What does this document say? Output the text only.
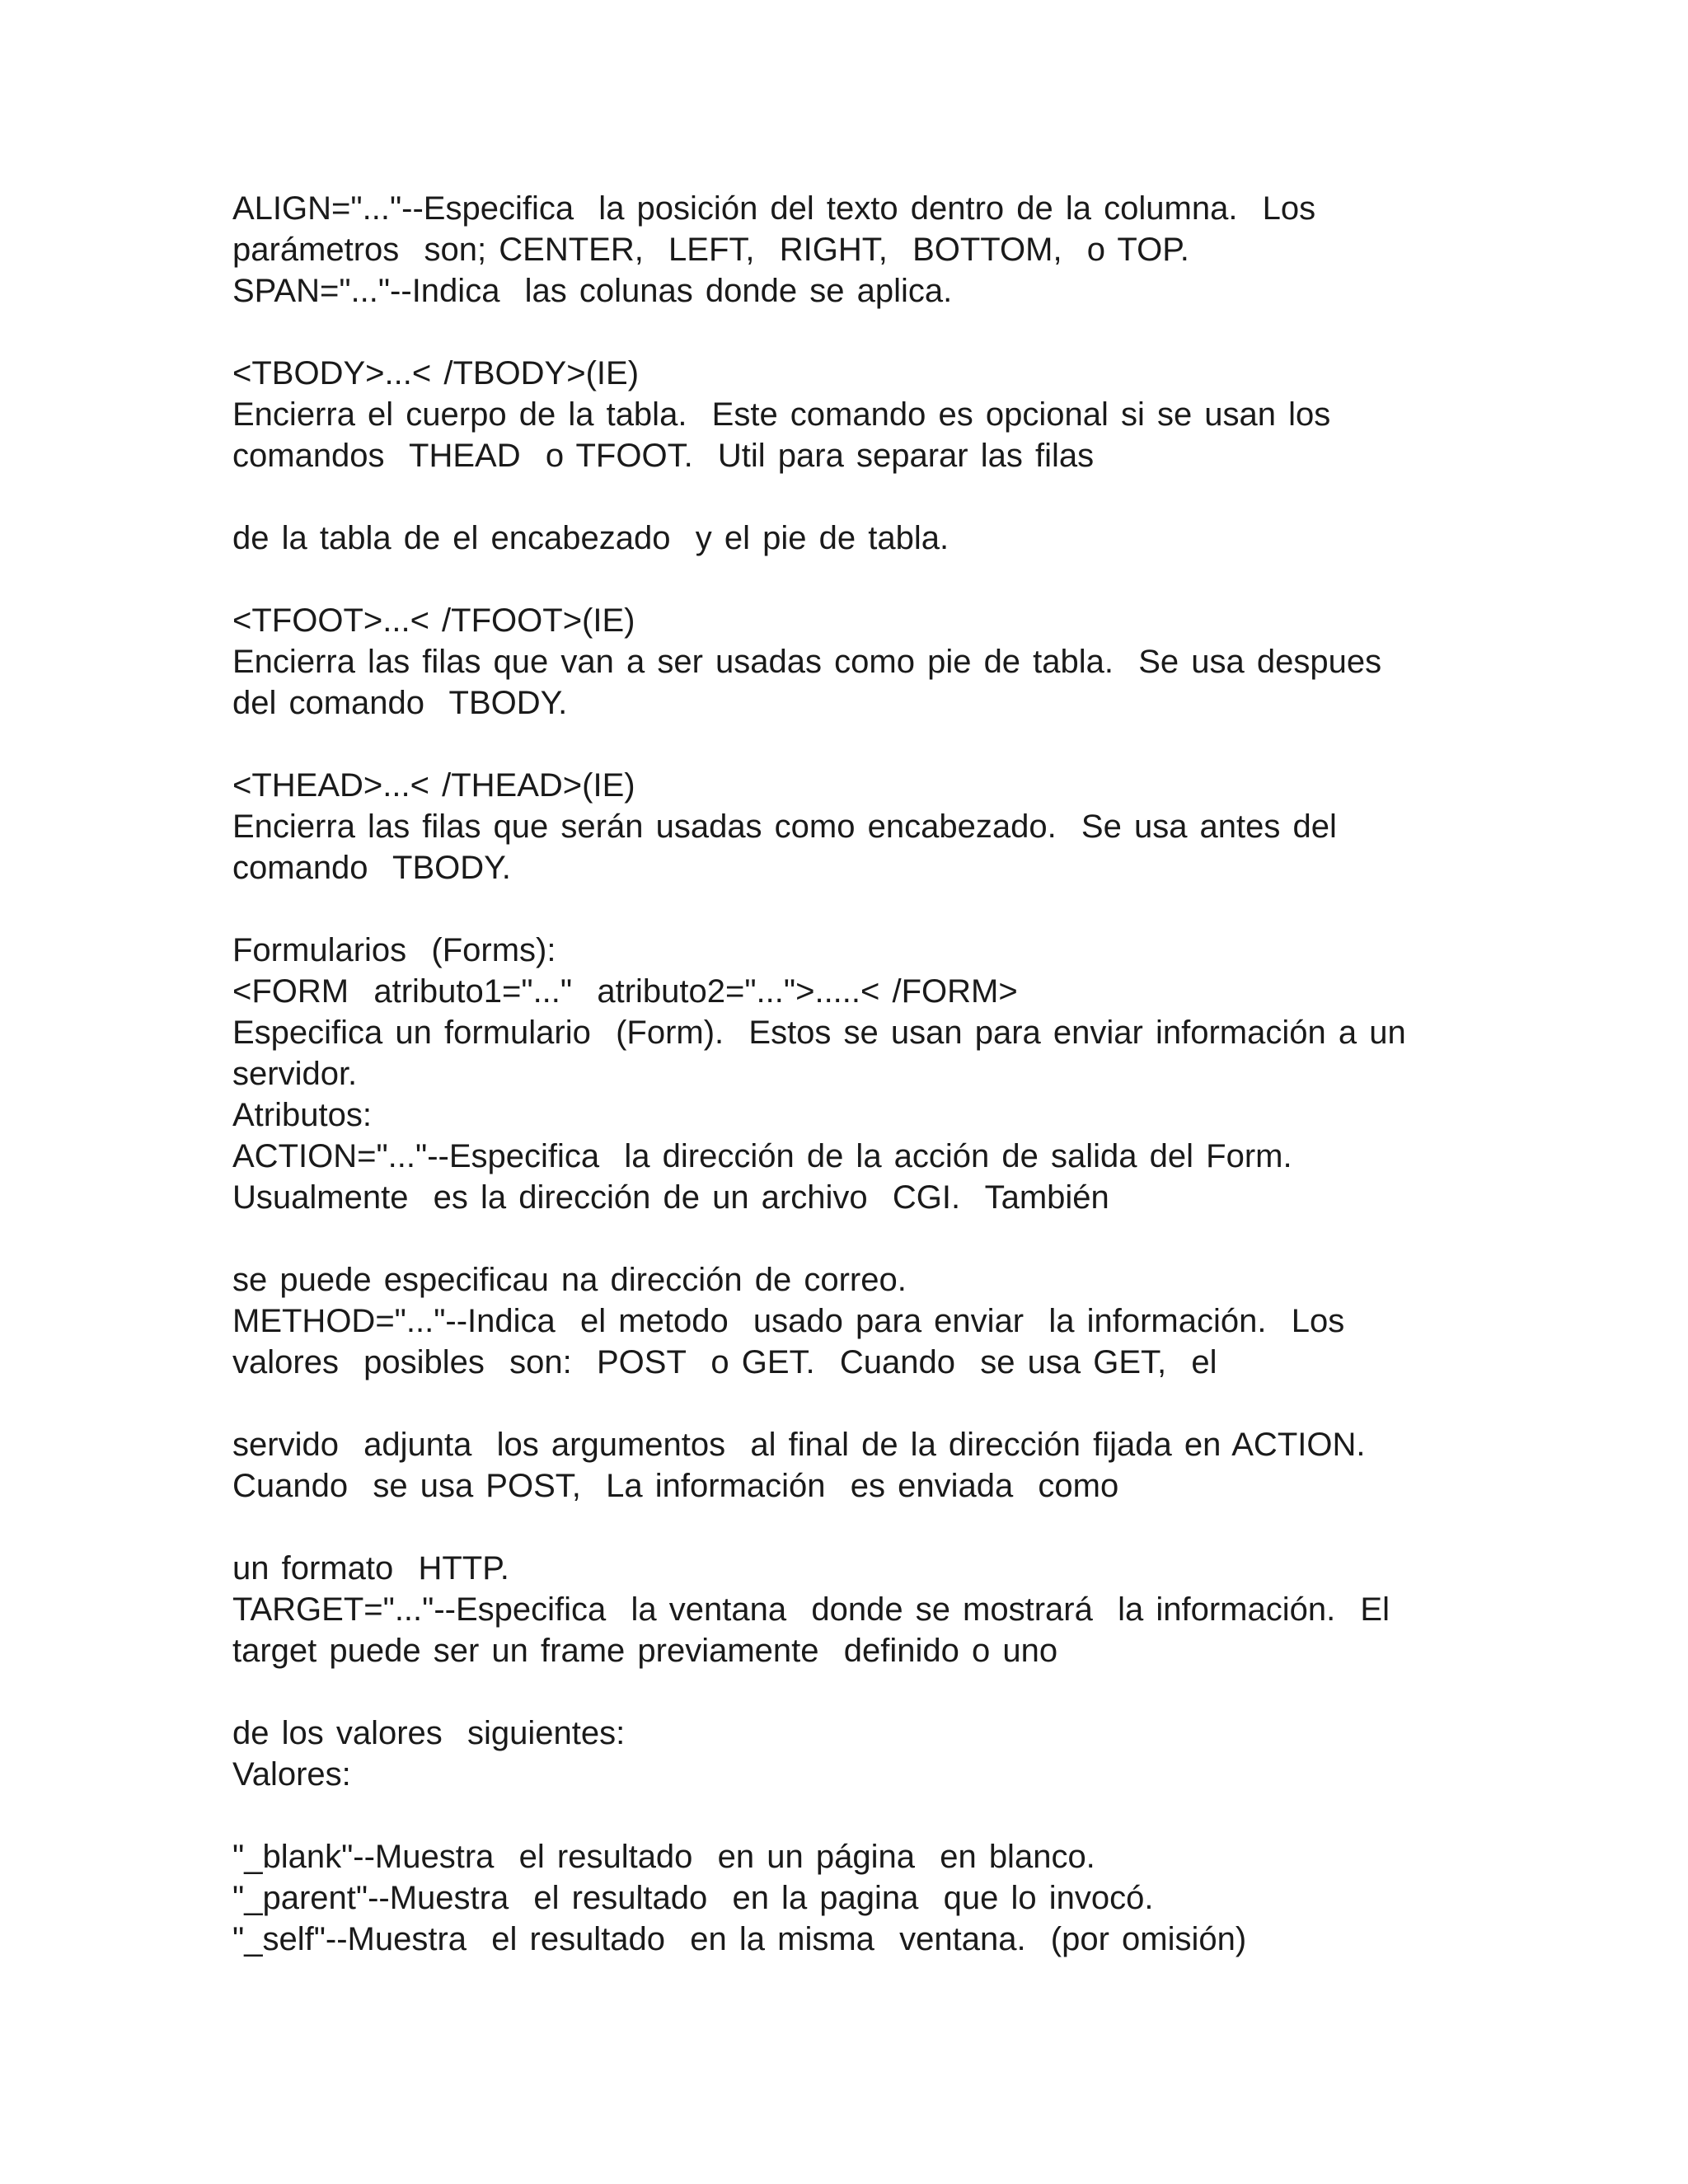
ALIGN="..."--Especifica  la posición del texto dentro de la columna.  Los
parámetros  son; CENTER,  LEFT,  RIGHT,  BOTTOM,  o TOP.
SPAN="..."--Indica  las colunas donde se aplica.
<TBODY>...< /TBODY>(IE)
Encierra el cuerpo de la tabla.  Este comando es opcional si se usan los
comandos  THEAD  o TFOOT.  Util para separar las filas
de la tabla de el encabezado  y el pie de tabla.
<TFOOT>...< /TFOOT>(IE)
Encierra las filas que van a ser usadas como pie de tabla.  Se usa despues
del comando  TBODY.
<THEAD>...< /THEAD>(IE)
Encierra las filas que serán usadas como encabezado.  Se usa antes del
comando  TBODY.
Formularios  (Forms):
<FORM  atributo1="..."  atributo2="...">.....< /FORM>
Especifica un formulario  (Form).  Estos se usan para enviar información a un
servidor.
Atributos:
ACTION="..."--Especifica  la dirección de la acción de salida del Form.
Usualmente  es la dirección de un archivo  CGI.  También
se puede especificau na dirección de correo.
METHOD="..."--Indica  el metodo  usado para enviar  la información.  Los
valores  posibles  son:  POST  o GET.  Cuando  se usa GET,  el
servido  adjunta  los argumentos  al final de la dirección fijada en ACTION.
Cuando  se usa POST,  La información  es enviada  como
un formato  HTTP.
TARGET="..."--Especifica  la ventana  donde se mostrará  la información.  El
target puede ser un frame previamente  definido o uno
de los valores  siguientes:
Valores:
"_blank"--Muestra  el resultado  en un página  en blanco.
"_parent"--Muestra  el resultado  en la pagina  que lo invocó.
"_self"--Muestra  el resultado  en la misma  ventana.  (por omisión)
